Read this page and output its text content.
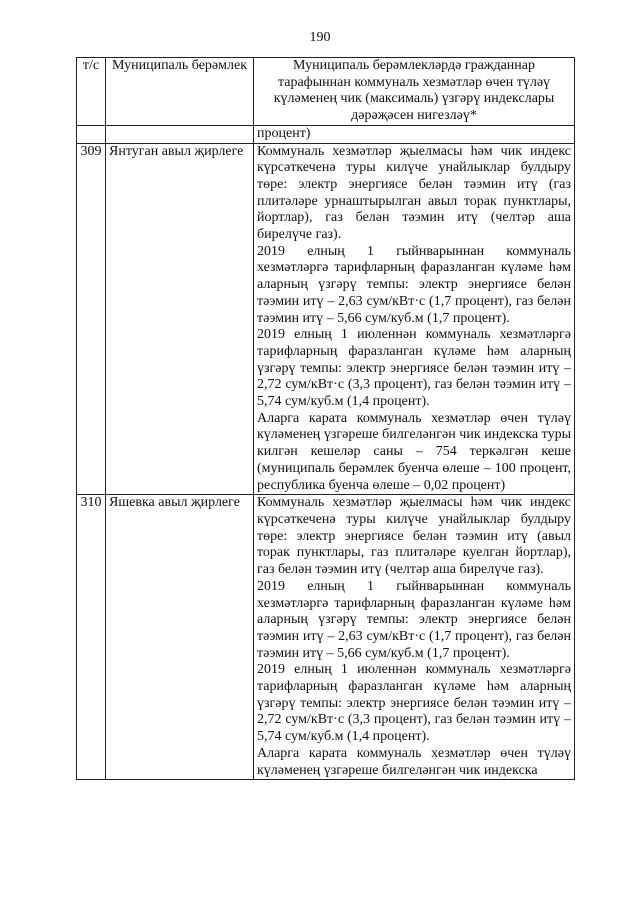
190
т/с	Муниципаль берәмлек	Муниципаль берәмлекләрдә гражданнар тарафыннан коммуналь хезмәтләр өчен түләү күләменең чик (максималь) үзгәрү индекслары дәрәҗәсен нигезләү*
		процент)
309	Янтуган авыл җирлеге	Коммуналь хезмәтләр җыелмасы һәм чик индекс күрсәткеченә туры килүче унайлыклар булдыру төре: электр энергиясе белән тәэмин итү (газ плитәләре урнаштырылган авыл торак пунктлары, йортлар), газ белән тәэмин итү (челтәр аша бирелүче газ).

2019 елның 1 гыйнварыннан коммуналь хезмәтләргә тарифларның фаразланган күләме һәм аларның үзгәрү темпы: электр энергиясе белән тәэмин итү – 2,63 сум/кВт·с (1,7 процент), газ белән тәэмин итү – 5,66 сум/куб.м (1,7 процент).

2019 елның 1 июленнән коммуналь хезмәтләргә тарифларның фаразланган күләме һәм аларның үзгәрү темпы: электр энергиясе белән тәэмин итү – 2,72 сум/кВт·с (3,3 процент), газ белән тәэмин итү – 5,74 сум/куб.м (1,4 процент).

Аларга карата коммуналь хезмәтләр өчен түләү күләменең үзгәреше билгеләнгән чик индекска туры килгән кешеләр саны – 754 теркәлгән кеше (муниципаль берәмлек буенча өлеше – 100 процент, республика буенча өлеше – 0,02 процент)

310	Яшевка авыл җирлеге	Коммуналь хезмәтләр җыелмасы һәм чик индекс күрсәткеченә туры килүче унайлыклар булдыру төре: электр энергиясе белән тәэмин итү (авыл торак пунктлары, газ плитәләре куелган йортлар), газ белән тәэмин итү (челтәр аша бирелүче газ).

2019 елның 1 гыйнварыннан коммуналь хезмәтләргә тарифларның фаразланган күләме һәм аларның үзгәрү темпы: электр энергиясе белән тәэмин итү – 2,63 сум/кВт·с (1,7 процент), газ белән тәэмин итү – 5,66 сум/куб.м (1,7 процент).

2019 елның 1 июленнән коммуналь хезмәтләргә тарифларның фаразланган күләме һәм аларның үзгәрү темпы: электр энергиясе белән тәэмин итү – 2,72 сум/кВт·с (3,3 процент), газ белән тәэмин итү – 5,74 сум/куб.м (1,4 процент).

Аларга карата коммуналь хезмәтләр өчен түләү күләменең үзгәреше билгеләнгән чик индекска
